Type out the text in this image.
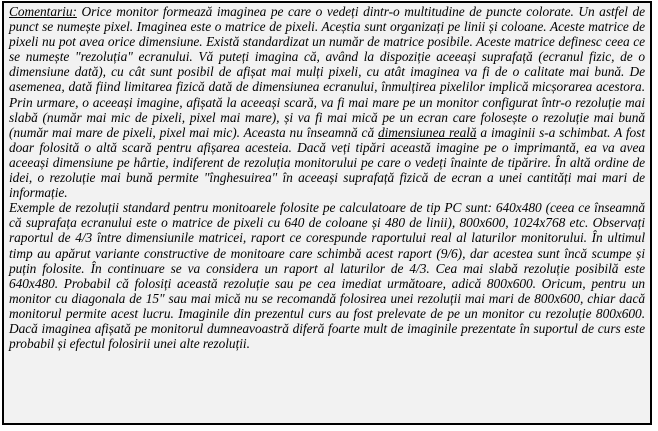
Comentariu: Orice monitor formează imaginea pe care o vedeți dintr-o multitudine de puncte colorate. Un astfel de punct se numește pixel. Imaginea este o matrice de pixeli. Aceștia sunt organizați pe linii și coloane. Aceste matrice de pixeli nu pot avea orice dimensiune. Există standardizat un număr de matrice posibile. Aceste matrice definesc ceea ce se numește "rezoluția" ecranului. Vă puteți imagina că, având la dispoziție aceeași suprafață (ecranul fizic, de o dimensiune dată), cu cât sunt posibil de afișat mai mulți pixeli, cu atât imaginea va fi de o calitate mai bună. De asemenea, dată fiind limitarea fizică dată de dimensiunea ecranului, înmulțirea pixelilor implică micșorarea acestora. Prin urmare, o aceeași imagine, afișată la aceeași scară, va fi mai mare pe un monitor configurat într-o rezoluție mai slabă (număr mai mic de pixeli, pixel mai mare), și va fi mai mică pe un ecran care folosește o rezoluție mai bună (număr mai mare de pixeli, pixel mai mic). Aceasta nu înseamnă că dimensiunea reală a imaginii s-a schimbat. A fost doar folosită o altă scară pentru afișarea acesteia. Dacă veți tipări această imagine pe o imprimantă, ea va avea aceeași dimensiune pe hârtie, indiferent de rezoluția monitorului pe care o vedeți înainte de tipărire. În altă ordine de idei, o rezoluție mai bună permite "înghesuirea" în aceeași suprafață fizică de ecran a unei cantități mai mari de informație.

Exemple de rezoluții standard pentru monitoarele folosite pe calculatoare de tip PC sunt: 640x480 (ceea ce înseamnă că suprafața ecranului este o matrice de pixeli cu 640 de coloane și 480 de linii), 800x600, 1024x768 etc. Observați raportul de 4/3 între dimensiunile matricei, raport ce corespunde raportului real al laturilor monitorului. În ultimul timp au apărut variante constructive de monitoare care schimbă acest raport (9/6), dar acestea sunt încă scumpe și puțin folosite. În continuare se va considera un raport al laturilor de 4/3. Cea mai slabă rezoluție posibilă este 640x480. Probabil că folosiți această rezoluție sau pe cea imediat următoare, adică 800x600. Oricum, pentru un monitor cu diagonala de 15" sau mai mică nu se recomandă folosirea unei rezoluții mai mari de 800x600, chiar dacă monitorul permite acest lucru. Imaginile din prezentul curs au fost prelevate de pe un monitor cu rezoluție 800x600. Dacă imaginea afișată pe monitorul dumneavoastră diferă foarte mult de imaginile prezentate în suportul de curs este probabil și efectul folosirii unei alte rezoluții.
